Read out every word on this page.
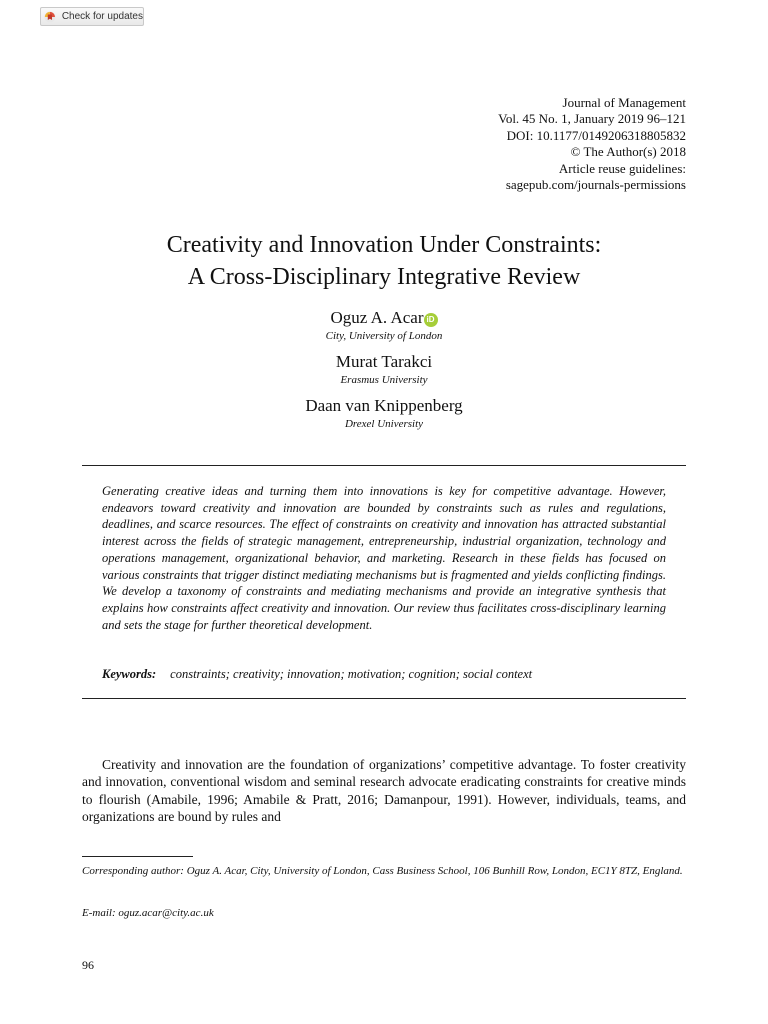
Check for updates
Journal of Management
Vol. 45 No. 1, January 2019 96–121
DOI: 10.1177/0149206318805832
© The Author(s) 2018
Article reuse guidelines:
sagepub.com/journals-permissions
Creativity and Innovation Under Constraints:
A Cross-Disciplinary Integrative Review

Oguz A. Acar iD

City, University of London

Murat Tarakci

Erasmus University

Daan van Knippenberg

Drexel University

Generating creative ideas and turning them into innovations is key for competitive advantage. However, endeavors toward creativity and innovation are bounded by constraints such as rules and regulations, deadlines, and scarce resources. The effect of constraints on creativity and innovation has attracted substantial interest across the fields of strategic management, entrepreneurship, industrial organization, technology and operations management, organizational behavior, and marketing. Research in these fields has focused on various constraints that trigger distinct mediating mechanisms but is fragmented and yields conflicting findings. We develop a taxonomy of constraints and mediating mechanisms and provide an integrative synthesis that explains how constraints affect creativity and innovation. Our review thus facilitates cross-disciplinary learning and sets the stage for further theoretical development.

Keywords: constraints; creativity; innovation; motivation; cognition; social context

Creativity and innovation are the foundation of organizations’ competitive advantage. To foster creativity and innovation, conventional wisdom and seminal research advocate eradicating constraints for creative minds to flourish (Amabile, 1996; Amabile & Pratt, 2016; Damanpour, 1991). However, individuals, teams, and organizations are bound by rules and

Corresponding author: Oguz A. Acar, City, University of London, Cass Business School, 106 Bunhill Row, London, EC1Y 8TZ, England.

E-mail: oguz.acar@city.ac.uk

96
